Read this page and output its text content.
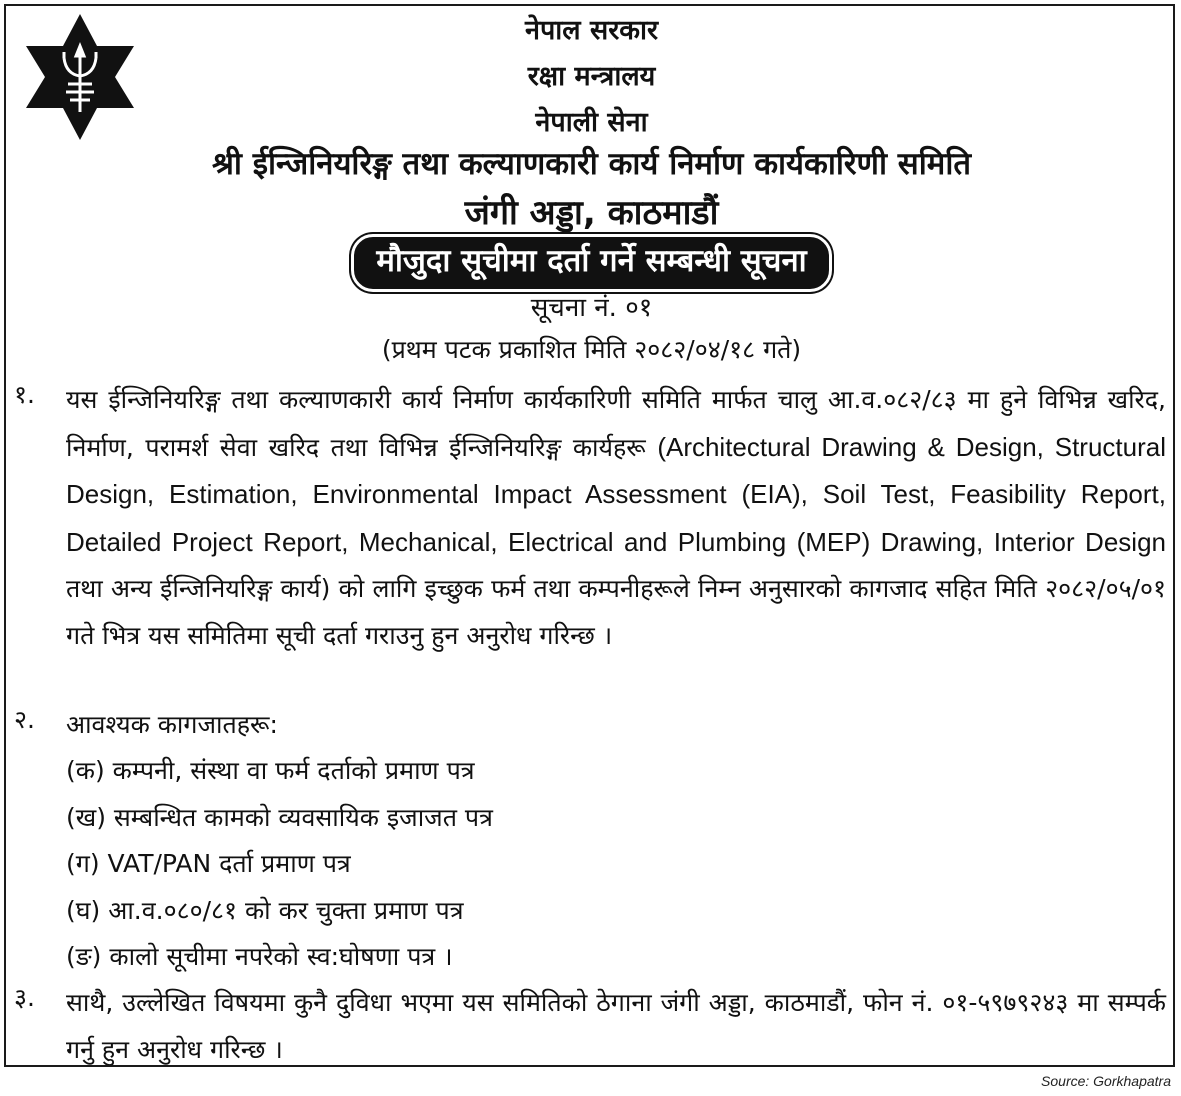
नेपाल सरकार
रक्षा मन्त्रालय
नेपाली सेना
श्री ईन्जिनियरिङ्ग तथा कल्याणकारी कार्य निर्माण कार्यकारिणी समिति
जंगी अड्डा, काठमाडौं
मौजुदा सूचीमा दर्ता गर्ने सम्बन्धी सूचना
सूचना नं. ०१
(प्रथम पटक प्रकाशित मिति २०८२/०४/१८ गते)
१. यस ईन्जिनियरिङ्ग तथा कल्याणकारी कार्य निर्माण कार्यकारिणी समिति मार्फत चालु आ.व.०८२/८३ मा हुने विभिन्न खरिद, निर्माण, परामर्श सेवा खरिद तथा विभिन्न ईन्जिनियरिङ्ग कार्यहरू (Architectural Drawing & Design, Structural Design, Estimation, Environmental Impact Assessment (EIA), Soil Test, Feasibility Report, Detailed Project Report, Mechanical, Electrical and Plumbing (MEP) Drawing, Interior Design तथा अन्य ईन्जिनियरिङ्ग कार्य) को लागि इच्छुक फर्म तथा कम्पनीहरूले निम्न अनुसारको कागजाद सहित मिति २०८२/०५/०१ गते भित्र यस समितिमा सूची दर्ता गराउनु हुन अनुरोध गरिन्छ ।
२. आवश्यक कागजातहरू:
(क) कम्पनी, संस्था वा फर्म दर्ताको प्रमाण पत्र
(ख) सम्बन्धित कामको व्यवसायिक इजाजत पत्र
(ग) VAT/PAN दर्ता प्रमाण पत्र
(घ) आ.व.०८०/८१ को कर चुक्ता प्रमाण पत्र
(ङ) कालो सूचीमा नपरेको स्व:घोषणा पत्र ।
३. साथै, उल्लेखित विषयमा कुनै दुविधा भएमा यस समितिको ठेगाना जंगी अड्डा, काठमाडौं, फोन नं. ०१-५९७९२४३ मा सम्पर्क गर्नु हुन अनुरोध गरिन्छ ।
Source: Gorkhapatra
